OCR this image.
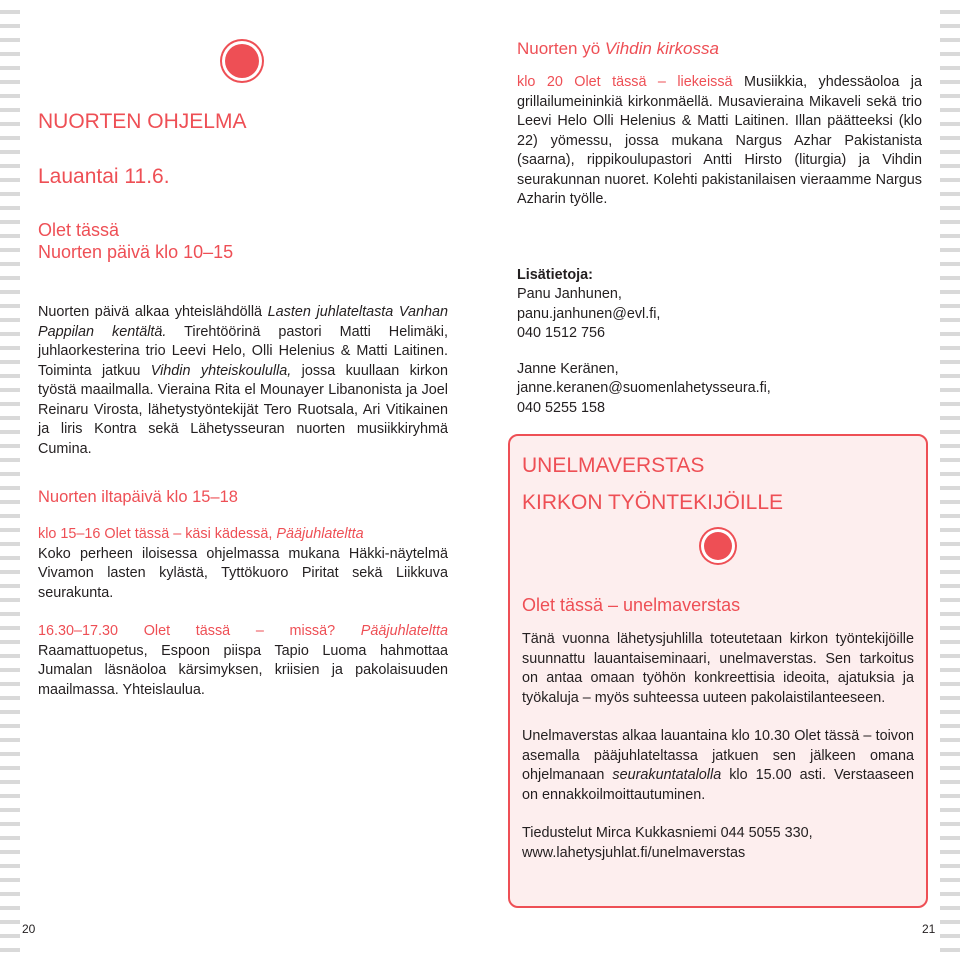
NUORTEN OHJELMA

Lauantai 11.6.

Olet tässä

Nuorten päivä klo 10–15

Nuorten päivä alkaa yhteislähdöllä Lasten juhlateltasta Vanhan Pappilan kentältä. Tirehtöörinä pastori Matti Helimäki, juhlaorkesterina trio Leevi Helo, Olli Helenius & Matti Laitinen. Toiminta jatkuu Vihdin yhteiskoululla, jossa kuullaan kirkon työstä maailmalla. Vieraina Rita el Mounayer Libanonista ja Joel Reinaru Virosta, lähetystyöntekijät Tero Ruotsala, Ari Vitikainen ja liris Kontra sekä Lähetysseuran nuorten musiikkiryhmä Cumina.

Nuorten iltapäivä klo 15–18

klo 15–16 Olet tässä – käsi kädessä, Pääjuhlateltta

Koko perheen iloisessa ohjelmassa mukana Häkki-näytelmä Vivamon lasten kylästä, Tyttökuoro Piritat sekä Liikkuva seurakunta.

16.30–17.30 Olet tässä – missä? Pääjuhlateltta Raamattuopetus, Espoon piispa Tapio Luoma hahmottaa Jumalan läsnäoloa kärsimyksen, kriisien ja pakolaisuuden maailmassa. Yhteislaulua.

20

Nuorten yö Vihdin kirkossa

klo 20 Olet tässä – liekeissä Musiikkia, yhdessäoloa ja grillailumeininkiä kirkonmäellä. Musavieraina Mikaveli sekä trio Leevi Helo Olli Helenius & Matti Laitinen. Illan päätteeksi (klo 22) yömessu, jossa mukana Nargus Azhar Pakistanista (saarna), rippikoulupastori Antti Hirsto (liturgia) ja Vihdin seurakunnan nuoret. Kolehti pakistanilaisen vieraamme Nargus Azharin työlle.

Lisätietoja:

Panu Janhunen,

panu.janhunen@evl.fi,

040 1512 756

Janne Keränen,

janne.keranen@suomenlahetysseura.fi,

040 5255 158

UNELMAVERSTAS

KIRKON TYÖNTEKIJÖILLE

Olet tässä – unelmaverstas

Tänä vuonna lähetysjuhlilla toteutetaan kirkon työntekijöille suunnattu lauantaiseminaari, unelmaverstas. Sen tarkoitus on antaa omaan työhön konkreettisia ideoita, ajatuksia ja työkaluja – myös suhteessa uuteen pakolaistilanteeseen.

Unelmaverstas alkaa lauantaina klo 10.30 Olet tässä – toivon asemalla pääjuhlateltassa jatkuen sen jälkeen omana ohjelmanaan seurakuntatalolla klo 15.00 asti. Verstaaseen on ennakkoilmoittautuminen.

Tiedustelut Mirca Kukkasniemi 044 5055 330,

www.lahetysjuhlat.fi/unelmaverstas

21
